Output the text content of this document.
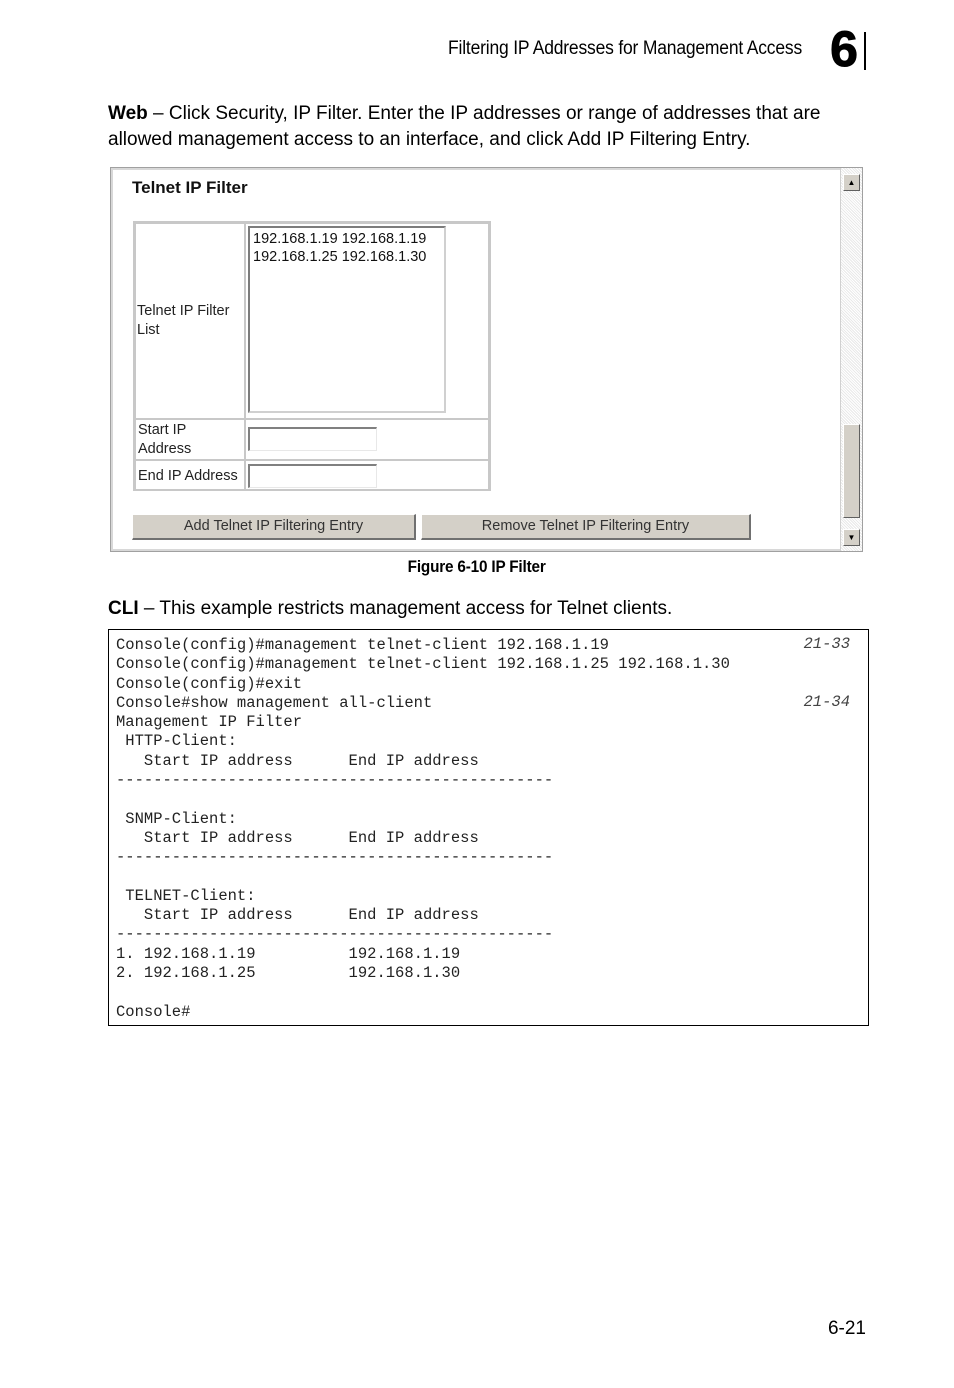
Filtering IP Addresses for Management Access 6
Web – Click Security, IP Filter. Enter the IP addresses or range of addresses that are allowed management access to an interface, and click Add IP Filtering Entry.
Telnet IP Filter
Telnet IP Filter List
192.168.1.19 192.168.1.19
192.168.1.25 192.168.1.30
Start IP Address
End IP Address
Add Telnet IP Filtering Entry	Remove Telnet IP Filtering Entry
▲
▼
Figure 6-10 IP Filter
CLI – This example restricts management access for Telnet clients.
Console(config)#management telnet-client 192.168.1.19
Console(config)#management telnet-client 192.168.1.25 192.168.1.30
Console(config)#exit
Console#show management all-client
Management IP Filter
HTTP-Client:
Start IP address      End IP address
-----------------------------------------------
SNMP-Client:
Start IP address      End IP address
-----------------------------------------------
TELNET-Client:
Start IP address      End IP address
-----------------------------------------------
1. 192.168.1.19          192.168.1.19
2. 192.168.1.25          192.168.1.30
Console#
21-33
21-34
6-21
